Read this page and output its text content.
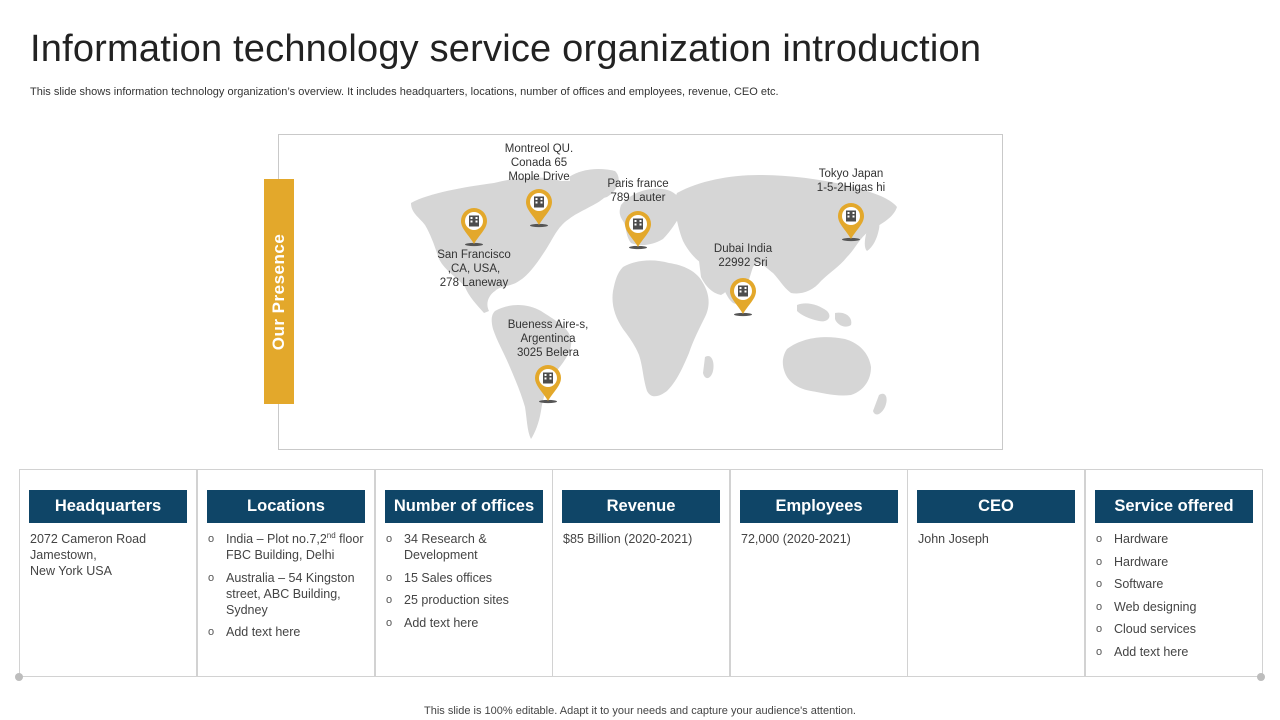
Information technology service organization introduction
This slide shows information technology organization’s overview. It includes headquarters, locations, number of offices and employees, revenue, CEO etc.
Our Presence
Montreol QU.
Conada 65
Mople Drive
Paris france
789 Lauter
Tokyo Japan
1-5-2Higas hi
San Francisco
,CA, USA,
278 Laneway
Dubai India
22992 Sri
Bueness Aire-s,
Argentinca
3025 Belera
Headquarters
2072 Cameron Road
Jamestown,
New York USA
Locations
o India – Plot no.7,2nd floor FBC Building, Delhi
o Australia – 54 Kingston street, ABC Building, Sydney
o Add text here
Number of offices
o 34 Research & Development
o 15 Sales offices
o 25 production sites
o Add text here
Revenue
$85 Billion (2020-2021)
Employees
72,000 (2020-2021)
CEO
John Joseph
Service offered
o Hardware
o Hardware
o Software
o Web designing
o Cloud services
o Add text here
This slide is 100% editable. Adapt it to your needs and capture your audience's attention.
